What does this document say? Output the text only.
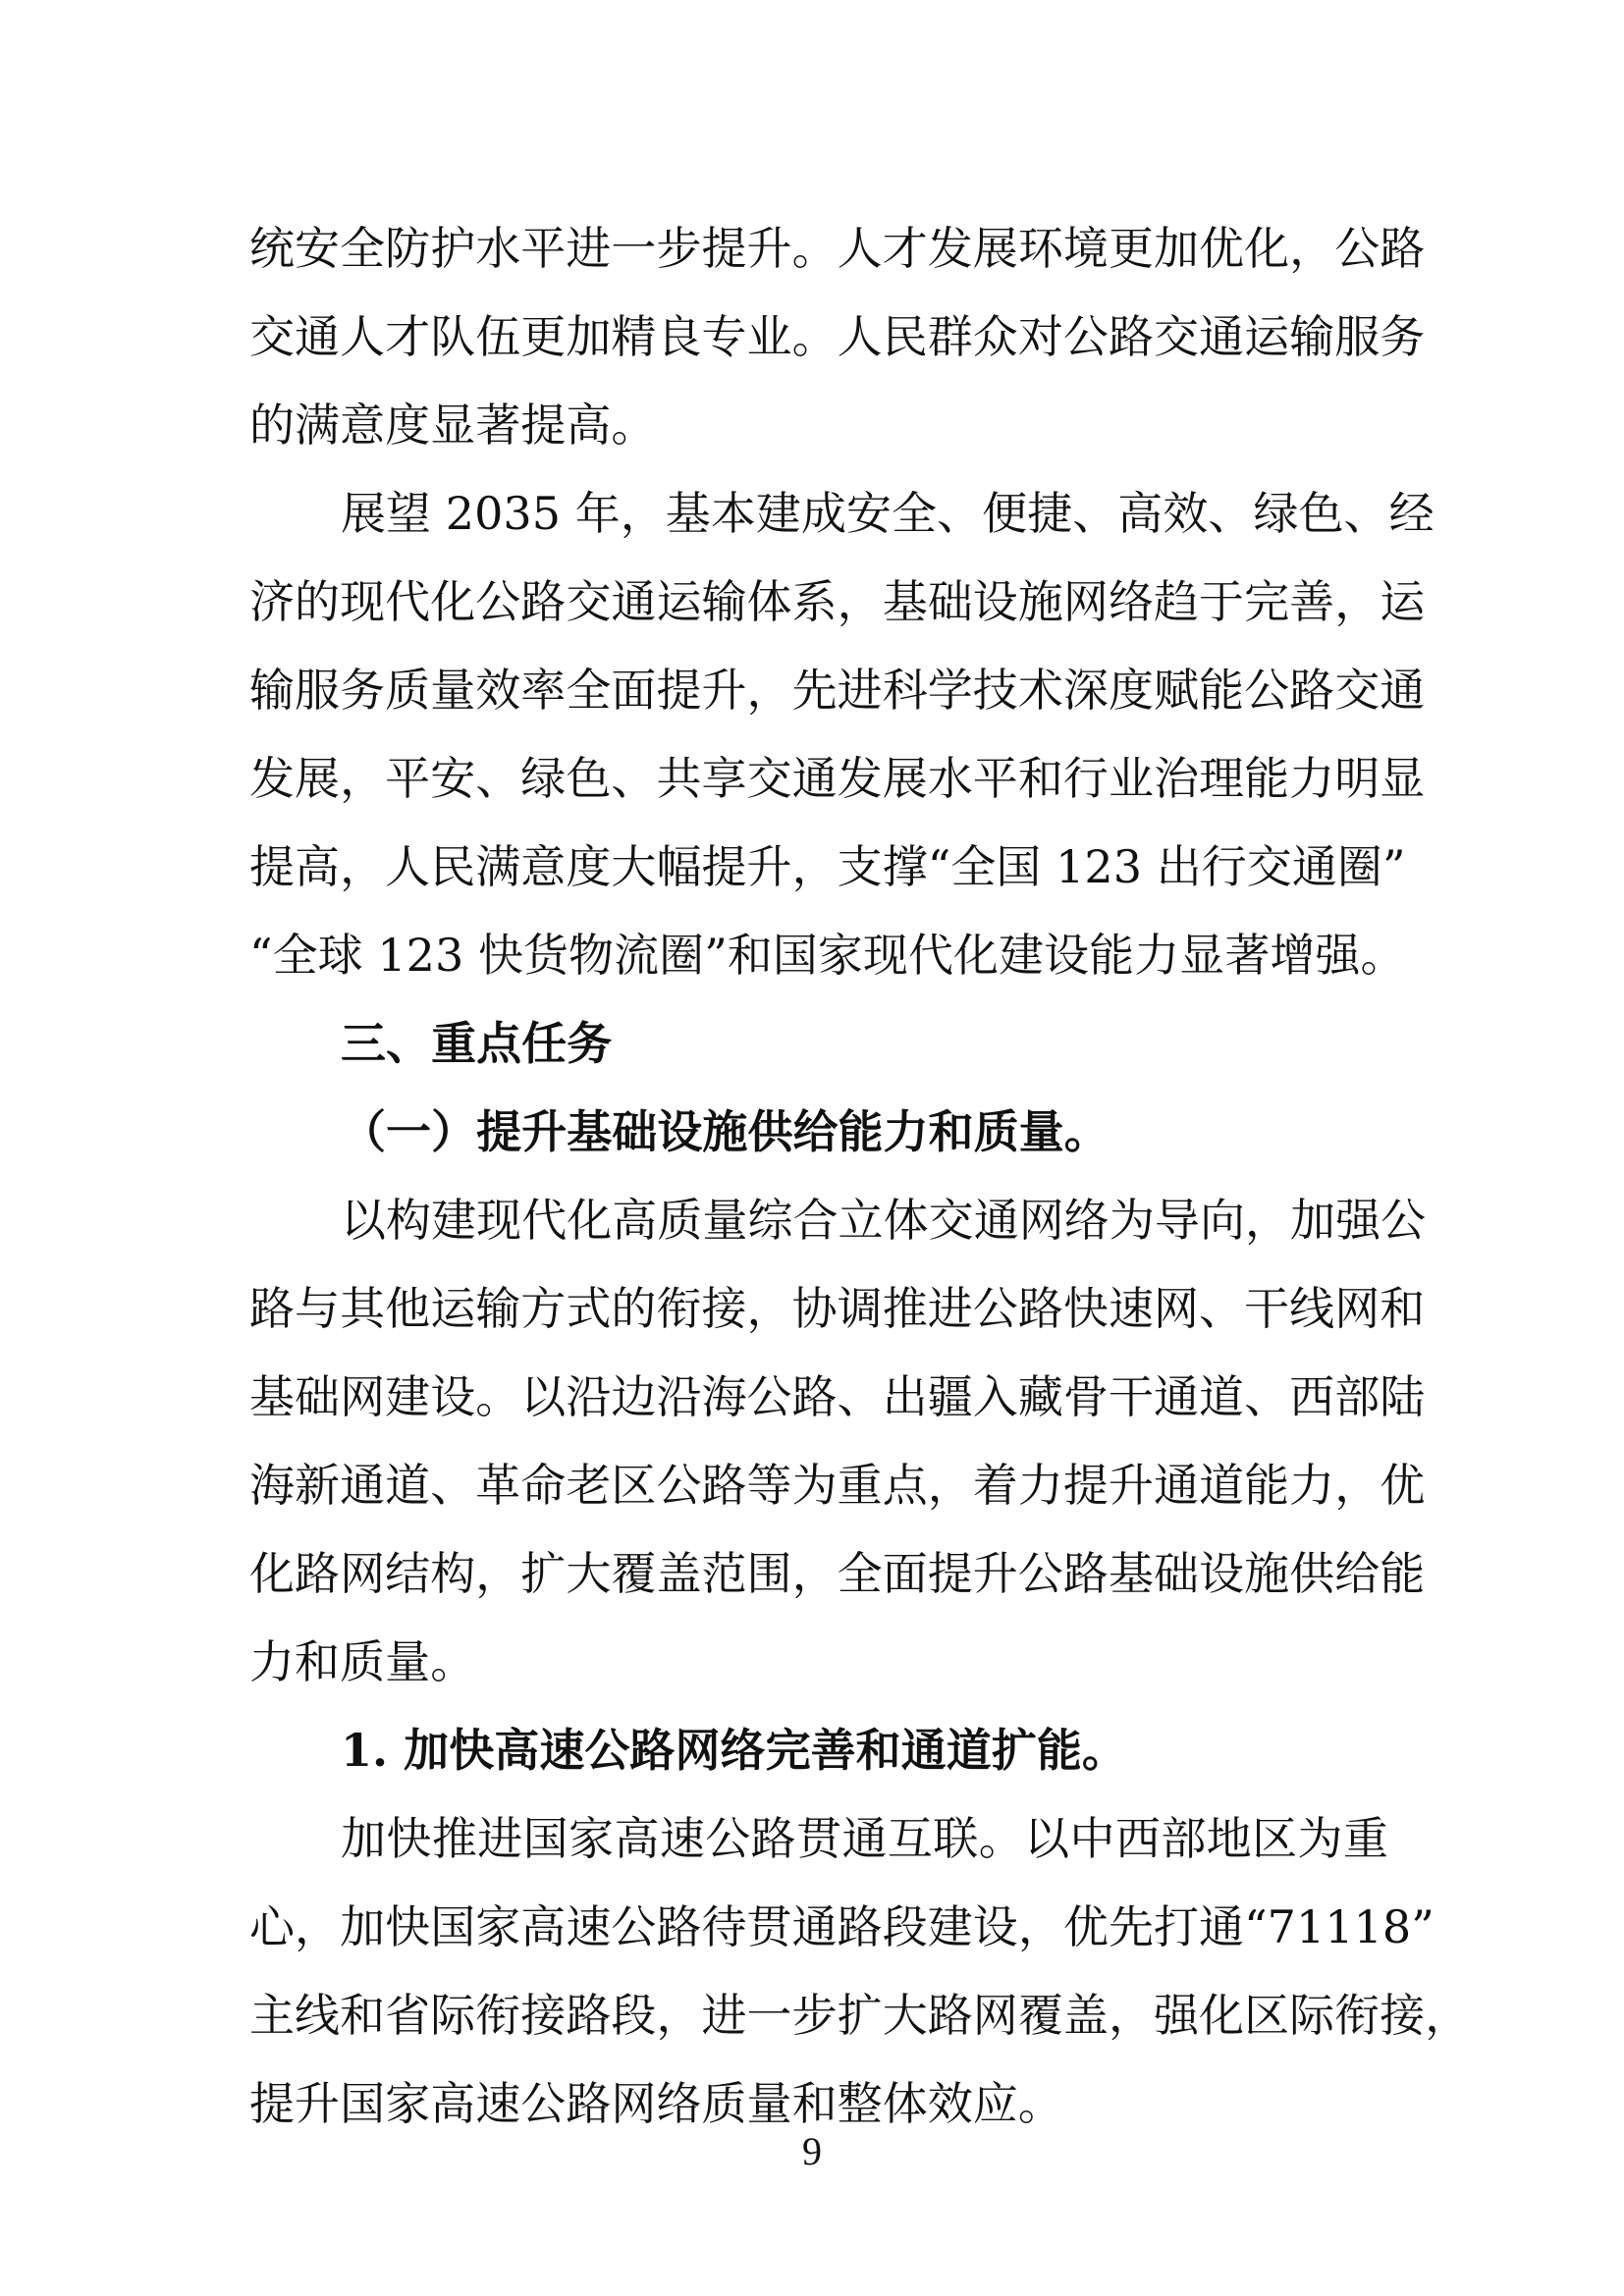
统安全防护水平进一步提升。人才发展环境更加优化，公路
交通人才队伍更加精良专业。人民群众对公路交通运输服务
的满意度显著提高。
展望 2035 年，基本建成安全、便捷、高效、绿色、经
济的现代化公路交通运输体系，基础设施网络趋于完善，运
输服务质量效率全面提升，先进科学技术深度赋能公路交通
发展，平安、绿色、共享交通发展水平和行业治理能力明显
提高，人民满意度大幅提升，支撑“全国 123 出行交通圈”
“全球 123 快货物流圈”和国家现代化建设能力显著增强。
三、重点任务
（一）提升基础设施供给能力和质量。
以构建现代化高质量综合立体交通网络为导向，加强公
路与其他运输方式的衔接，协调推进公路快速网、干线网和
基础网建设。以沿边沿海公路、出疆入藏骨干通道、西部陆
海新通道、革命老区公路等为重点，着力提升通道能力，优
化路网结构，扩大覆盖范围，全面提升公路基础设施供给能
力和质量。
1. 加快高速公路网络完善和通道扩能。
加快推进国家高速公路贯通互联。以中西部地区为重
心，加快国家高速公路待贯通路段建设，优先打通“71118”
主线和省际衔接路段，进一步扩大路网覆盖，强化区际衔接，
提升国家高速公路网络质量和整体效应。
9
